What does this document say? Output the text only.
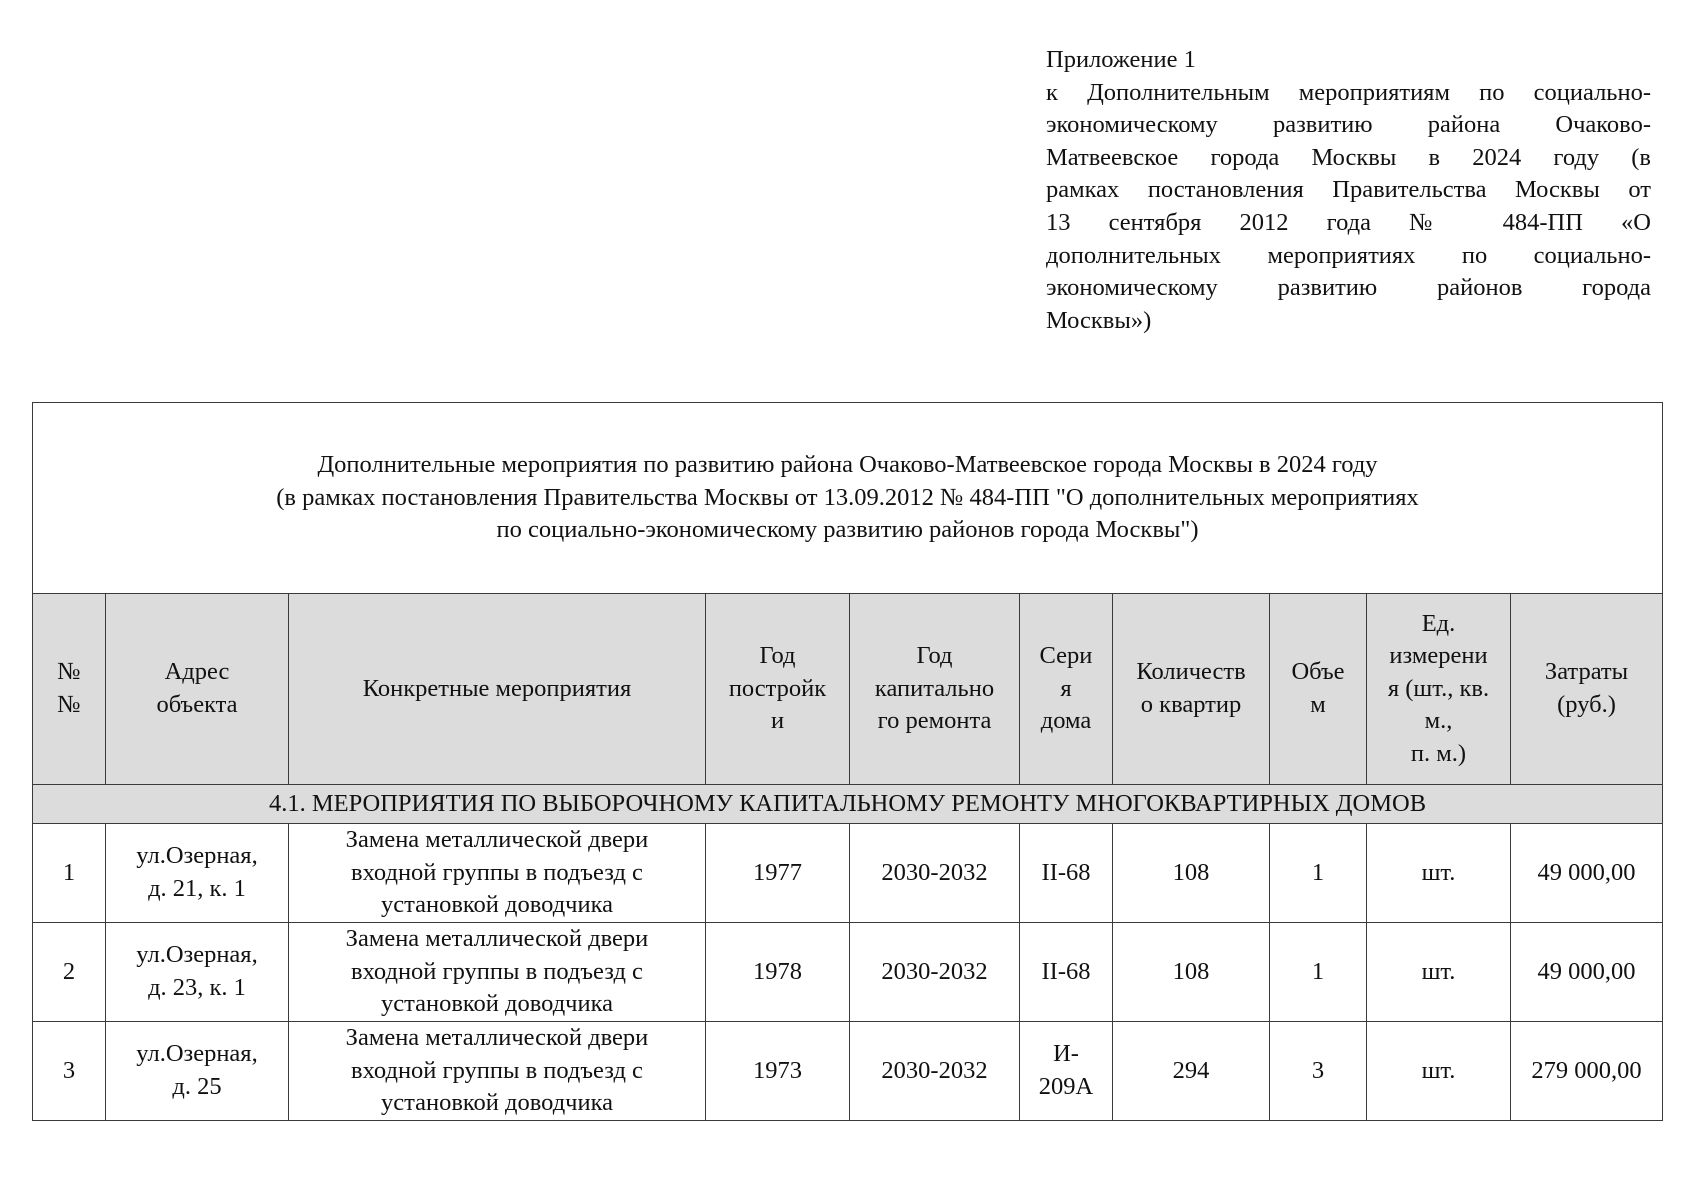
Приложение 1
к Дополнительным мероприятиям по социально-
экономическому развитию района Очаково-
Матвеевское города Москвы в 2024 году (в
рамках постановления Правительства Москвы от
13 сентября 2012 года № 484-ПП «О
дополнительных мероприятиях по социально-
экономическому развитию районов города
Москвы»)
Дополнительные мероприятия по развитию района Очаково-Матвеевское города Москвы в 2024 году
(в рамках постановления Правительства Москвы от 13.09.2012 № 484-ПП "О дополнительных мероприятиях
по социально-экономическому развитию районов города Москвы")									

№
№	Адрес
объекта	Конкретные мероприятия	Год
постройк
и	Год
капитально
го ремонта	Сери
я
дома	Количеств
о квартир	Объе
м	Ед.
измерени
я (шт., кв.
м.,
п. м.)	Затраты
(руб.)

4.1. МЕРОПРИЯТИЯ ПО ВЫБОРОЧНОМУ КАПИТАЛЬНОМУ РЕМОНТУ МНОГОКВАРТИРНЫХ ДОМОВ									

1	ул.Озерная,
д. 21, к. 1	Замена металлической двери
входной группы в подъезд с
установкой доводчика	1977	2030-2032	II-68	108	1	шт.	49 000,00

2	ул.Озерная,
д. 23, к. 1	Замена металлической двери
входной группы в подъезд с
установкой доводчика	1978	2030-2032	II-68	108	1	шт.	49 000,00

3	ул.Озерная,
д. 25	Замена металлической двери
входной группы в подъезд с
установкой доводчика	1973	2030-2032	И-
209А	294	3	шт.	279 000,00
